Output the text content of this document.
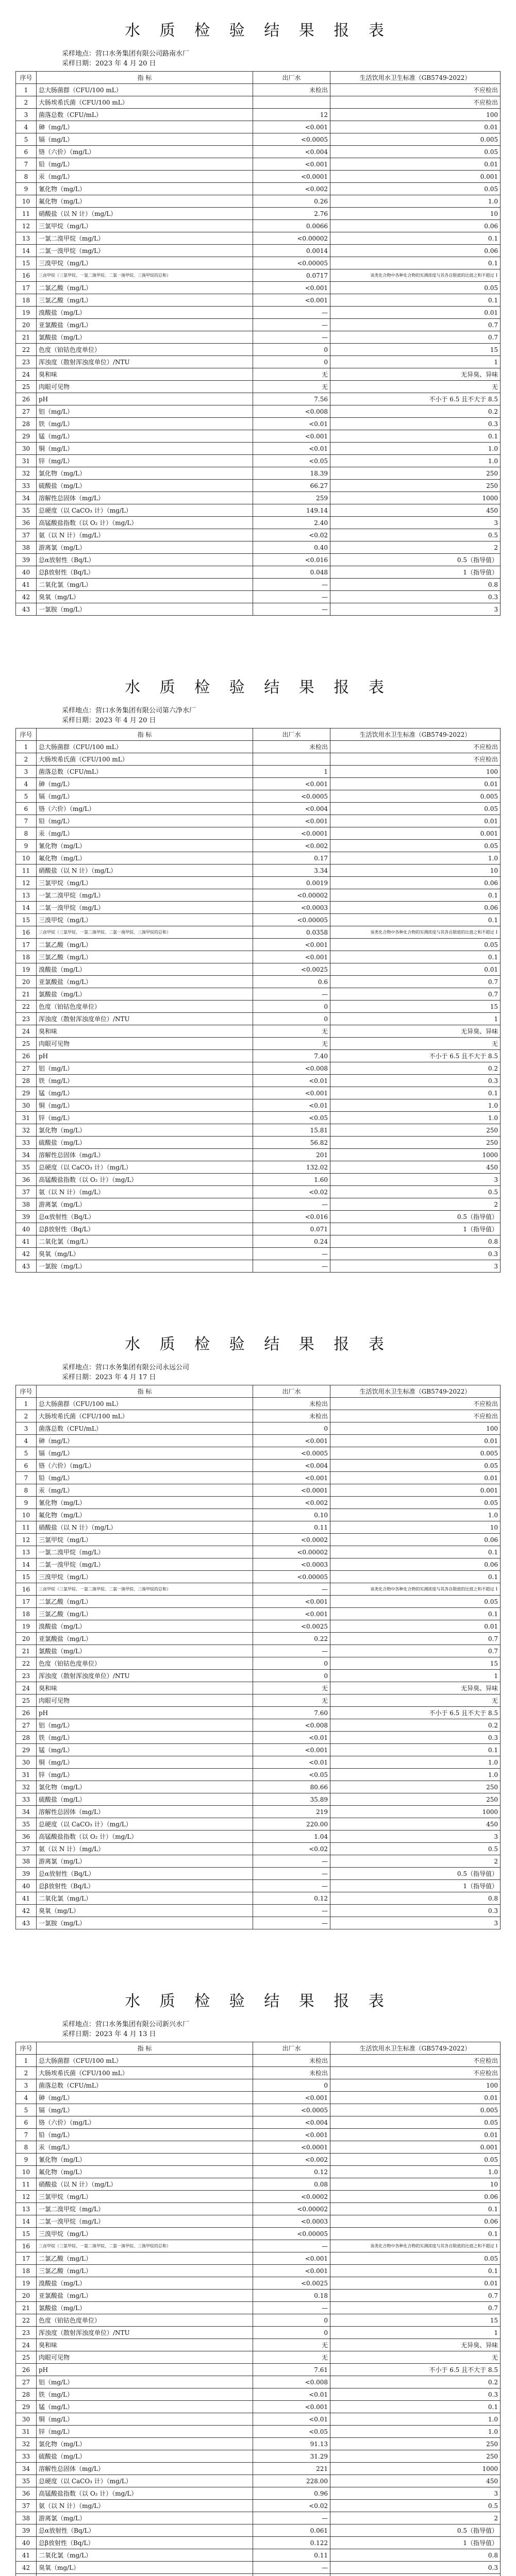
水 质 检 验 结 果 报 表
采样地点：营口水务集团有限公司路南水厂
采样日期：2023 年 4 月 20 日
序号	指 标	出厂水	生活饮用水卫生标准（GB5749-2022）
1	总大肠菌群（CFU/100 mL）	未检出	不应检出
2	大肠埃希氏菌（CFU/100 mL）		不应检出
3	菌落总数（CFU/mL）	12	100
4	砷（mg/L）	<0.001	0.01
5	镉（mg/L）	<0.0005	0.005
6	铬（六价）（mg/L）	<0.004	0.05
7	铅（mg/L）	<0.001	0.01
8	汞（mg/L）	<0.0001	0.001
9	氰化物（mg/L）	<0.002	0.05
10	氟化物（mg/L）	0.26	1.0
11	硝酸盐（以 N 计）（mg/L）	2.76	10
12	三氯甲烷（mg/L）	0.0066	0.06
13	一氯二溴甲烷（mg/L）	<0.00002	0.1
14	二氯一溴甲烷（mg/L）	0.0014	0.06
15	三溴甲烷（mg/L）	<0.00005	0.1
16	三卤甲烷（三氯甲烷、一氯二溴甲烷、二氯一溴甲烷、三溴甲烷的总和）	0.0717	该类化合物中各种化合物的实测浓度与其各自限值的比值之和不超过 1
17	二氯乙酸（mg/L）	<0.001	0.05
18	三氯乙酸（mg/L）	<0.001	0.1
19	溴酸盐（mg/L）	—	0.01
20	亚氯酸盐（mg/L）	—	0.7
21	氯酸盐（mg/L）	—	0.7
22	色度（铂钴色度单位）	0	15
23	浑浊度（散射浑浊度单位）/NTU	0	1
24	臭和味	无	无异臭、异味
25	肉眼可见物	无	无
26	pH	7.56	不小于 6.5 且不大于 8.5
27	铝（mg/L）	<0.008	0.2
28	铁（mg/L）	<0.01	0.3
29	锰（mg/L）	<0.001	0.1
30	铜（mg/L）	<0.01	1.0
31	锌（mg/L）	<0.05	1.0
32	氯化物（mg/L）	18.39	250
33	硫酸盐（mg/L）	66.27	250
34	溶解性总固体（mg/L）	259	1000
35	总硬度（以 CaCO₃ 计）（mg/L）	149.14	450
36	高锰酸盐指数（以 O₂ 计）（mg/L）	2.40	3
37	氨（以 N 计）（mg/L）	<0.02	0.5
38	游离氯（mg/L）	0.40	2
39	总α放射性（Bq/L）	<0.016	0.5（指导值）
40	总β放射性（Bq/L）	0.048	1（指导值）
41	二氧化氯（mg/L）	—	0.8
42	臭氧（mg/L）	—	0.3
43	一氯胺（mg/L）	—	3
水 质 检 验 结 果 报 表
采样地点：营口水务集团有限公司第六净水厂
采样日期：2023 年 4 月 20 日
序号	指 标	出厂水	生活饮用水卫生标准（GB5749-2022）
1	总大肠菌群（CFU/100 mL）	未检出	不应检出
2	大肠埃希氏菌（CFU/100 mL）		不应检出
3	菌落总数（CFU/mL）	1	100
4	砷（mg/L）	<0.001	0.01
5	镉（mg/L）	<0.0005	0.005
6	铬（六价）（mg/L）	<0.004	0.05
7	铅（mg/L）	<0.001	0.01
8	汞（mg/L）	<0.0001	0.001
9	氰化物（mg/L）	<0.002	0.05
10	氟化物（mg/L）	0.17	1.0
11	硝酸盐（以 N 计）（mg/L）	3.34	10
12	三氯甲烷（mg/L）	0.0019	0.06
13	一氯二溴甲烷（mg/L）	<0.00002	0.1
14	二氯一溴甲烷（mg/L）	<0.0003	0.06
15	三溴甲烷（mg/L）	<0.00005	0.1
16	三卤甲烷（三氯甲烷、一氯二溴甲烷、二氯一溴甲烷、三溴甲烷的总和）	0.0358	该类化合物中各种化合物的实测浓度与其各自限值的比值之和不超过 1
17	二氯乙酸（mg/L）	<0.001	0.05
18	三氯乙酸（mg/L）	<0.001	0.1
19	溴酸盐（mg/L）	<0.0025	0.01
20	亚氯酸盐（mg/L）	0.6	0.7
21	氯酸盐（mg/L）	—	0.7
22	色度（铂钴色度单位）	0	15
23	浑浊度（散射浑浊度单位）/NTU	0	1
24	臭和味	无	无异臭、异味
25	肉眼可见物	无	无
26	pH	7.40	不小于 6.5 且不大于 8.5
27	铝（mg/L）	<0.008	0.2
28	铁（mg/L）	<0.01	0.3
29	锰（mg/L）	<0.001	0.1
30	铜（mg/L）	<0.01	1.0
31	锌（mg/L）	<0.05	1.0
32	氯化物（mg/L）	15.81	250
33	硫酸盐（mg/L）	56.82	250
34	溶解性总固体（mg/L）	201	1000
35	总硬度（以 CaCO₃ 计）（mg/L）	132.02	450
36	高锰酸盐指数（以 O₂ 计）（mg/L）	1.60	3
37	氨（以 N 计）（mg/L）	<0.02	0.5
38	游离氯（mg/L）	—	2
39	总α放射性（Bq/L）	<0.016	0.5（指导值）
40	总β放射性（Bq/L）	0.071	1（指导值）
41	二氧化氯（mg/L）	0.24	0.8
42	臭氧（mg/L）	—	0.3
43	一氯胺（mg/L）	—	3
水 质 检 验 结 果 报 表
采样地点：营口水务集团有限公司永远公司
采样日期：2023 年 4 月 17 日
序号	指 标	出厂水	生活饮用水卫生标准（GB5749-2022）
1	总大肠菌群（CFU/100 mL）	未检出	不应检出
2	大肠埃希氏菌（CFU/100 mL）	未检出	不应检出
3	菌落总数（CFU/mL）	0	100
4	砷（mg/L）	<0.001	0.01
5	镉（mg/L）	<0.0005	0.005
6	铬（六价）（mg/L）	<0.004	0.05
7	铅（mg/L）	<0.001	0.01
8	汞（mg/L）	<0.0001	0.001
9	氰化物（mg/L）	<0.002	0.05
10	氟化物（mg/L）	0.10	1.0
11	硝酸盐（以 N 计）（mg/L）	0.11	10
12	三氯甲烷（mg/L）	<0.0002	0.06
13	一氯二溴甲烷（mg/L）	<0.00002	0.1
14	二氯一溴甲烷（mg/L）	<0.0003	0.06
15	三溴甲烷（mg/L）	<0.00005	0.1
16	三卤甲烷（三氯甲烷、一氯二溴甲烷、二氯一溴甲烷、三溴甲烷的总和）	—	该类化合物中各种化合物的实测浓度与其各自限值的比值之和不超过 1
17	二氯乙酸（mg/L）	<0.001	0.05
18	三氯乙酸（mg/L）	<0.001	0.1
19	溴酸盐（mg/L）	<0.0025	0.01
20	亚氯酸盐（mg/L）	0.22	0.7
21	氯酸盐（mg/L）	—	0.7
22	色度（铂钴色度单位）	0	15
23	浑浊度（散射浑浊度单位）/NTU	0	1
24	臭和味	无	无异臭、异味
25	肉眼可见物	无	无
26	pH	7.60	不小于 6.5 且不大于 8.5
27	铝（mg/L）	<0.008	0.2
28	铁（mg/L）	<0.01	0.3
29	锰（mg/L）	<0.001	0.1
30	铜（mg/L）	<0.01	1.0
31	锌（mg/L）	<0.05	1.0
32	氯化物（mg/L）	80.66	250
33	硫酸盐（mg/L）	35.89	250
34	溶解性总固体（mg/L）	219	1000
35	总硬度（以 CaCO₃ 计）（mg/L）	220.00	450
36	高锰酸盐指数（以 O₂ 计）（mg/L）	1.04	3
37	氨（以 N 计）（mg/L）	<0.02	0.5
38	游离氯（mg/L）	—	2
39	总α放射性（Bq/L）	—	0.5（指导值）
40	总β放射性（Bq/L）	—	1（指导值）
41	二氧化氯（mg/L）	0.12	0.8
42	臭氧（mg/L）	—	0.3
43	一氯胺（mg/L）	—	3
水 质 检 验 结 果 报 表
采样地点：营口水务集团有限公司新兴水厂
采样日期：2023 年 4 月 13 日
序号	指 标	出厂水	生活饮用水卫生标准（GB5749-2022）
1	总大肠菌群（CFU/100 mL）	未检出	不应检出
2	大肠埃希氏菌（CFU/100 mL）	未检出	不应检出
3	菌落总数（CFU/mL）	0	100
4	砷（mg/L）	<0.001	0.01
5	镉（mg/L）	<0.0005	0.005
6	铬（六价）（mg/L）	<0.004	0.05
7	铅（mg/L）	<0.001	0.01
8	汞（mg/L）	<0.0001	0.001
9	氰化物（mg/L）	<0.002	0.05
10	氟化物（mg/L）	0.12	1.0
11	硝酸盐（以 N 计）（mg/L）	0.08	10
12	三氯甲烷（mg/L）	<0.0002	0.06
13	一氯二溴甲烷（mg/L）	<0.00002	0.1
14	二氯一溴甲烷（mg/L）	<0.0003	0.06
15	三溴甲烷（mg/L）	<0.00005	0.1
16	三卤甲烷（三氯甲烷、一氯二溴甲烷、二氯一溴甲烷、三溴甲烷的总和）	—	该类化合物中各种化合物的实测浓度与其各自限值的比值之和不超过 1
17	二氯乙酸（mg/L）	<0.001	0.05
18	三氯乙酸（mg/L）	<0.001	0.1
19	溴酸盐（mg/L）	<0.0025	0.01
20	亚氯酸盐（mg/L）	0.18	0.7
21	氯酸盐（mg/L）	—	0.7
22	色度（铂钴色度单位）	0	15
23	浑浊度（散射浑浊度单位）/NTU	0	1
24	臭和味	无	无异臭、异味
25	肉眼可见物	无	无
26	pH	7.61	不小于 6.5 且不大于 8.5
27	铝（mg/L）	<0.008	0.2
28	铁（mg/L）	<0.01	0.3
29	锰（mg/L）	<0.001	0.1
30	铜（mg/L）	<0.01	1.0
31	锌（mg/L）	<0.05	1.0
32	氯化物（mg/L）	91.13	250
33	硫酸盐（mg/L）	31.29	250
34	溶解性总固体（mg/L）	221	1000
35	总硬度（以 CaCO₃ 计）（mg/L）	228.00	450
36	高锰酸盐指数（以 O₂ 计）（mg/L）	0.96	3
37	氨（以 N 计）（mg/L）	<0.02	0.5
38	游离氯（mg/L）	—	2
39	总α放射性（Bq/L）	0.061	0.5（指导值）
40	总β放射性（Bq/L）	0.122	1（指导值）
41	二氧化氯（mg/L）	0.11	0.8
42	臭氧（mg/L）	—	0.3
